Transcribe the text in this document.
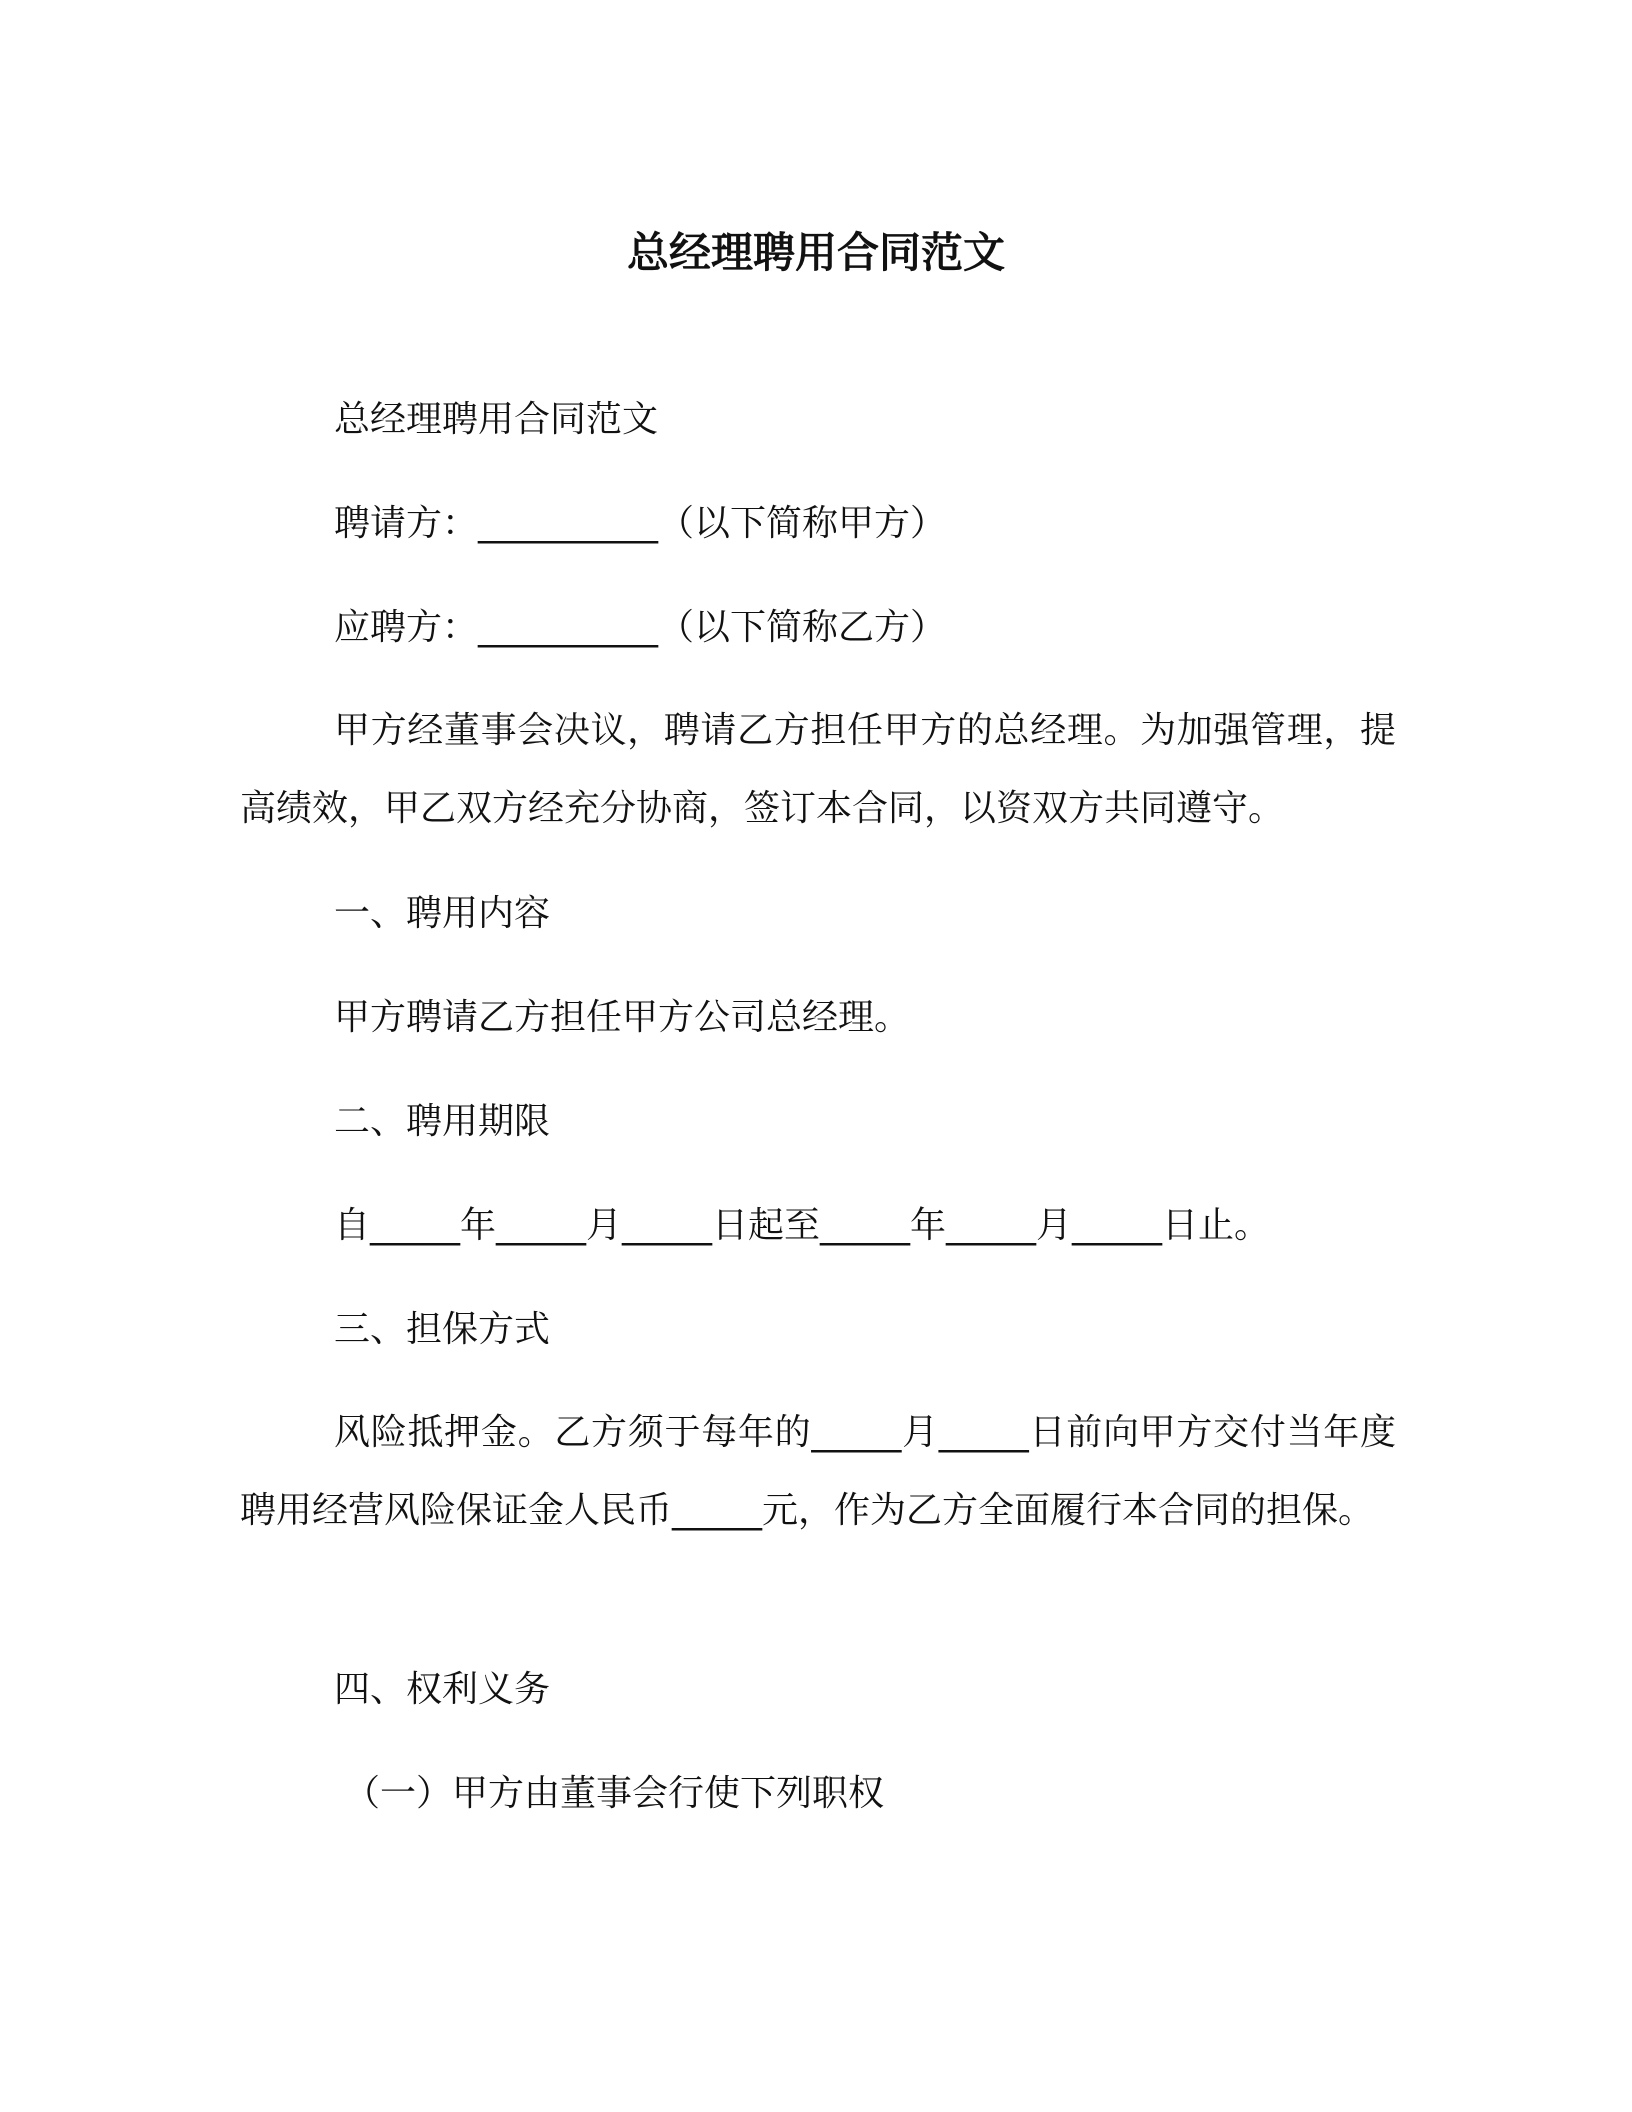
总经理聘用合同范文
总经理聘用合同范文
聘请方：__________（以下简称甲方）
应聘方：__________（以下简称乙方）
甲方经董事会决议，聘请乙方担任甲方的总经理。为加强管理，提高绩效，甲乙双方经充分协商，签订本合同，以资双方共同遵守。
一、聘用内容
甲方聘请乙方担任甲方公司总经理。
二、聘用期限
自_____年_____月_____日起至_____年_____月_____日止。
三、担保方式
风险抵押金。乙方须于每年的_____月_____日前向甲方交付当年度聘用经营风险保证金人民币_____元，作为乙方全面履行本合同的担保。
四、权利义务
（一）甲方由董事会行使下列职权
